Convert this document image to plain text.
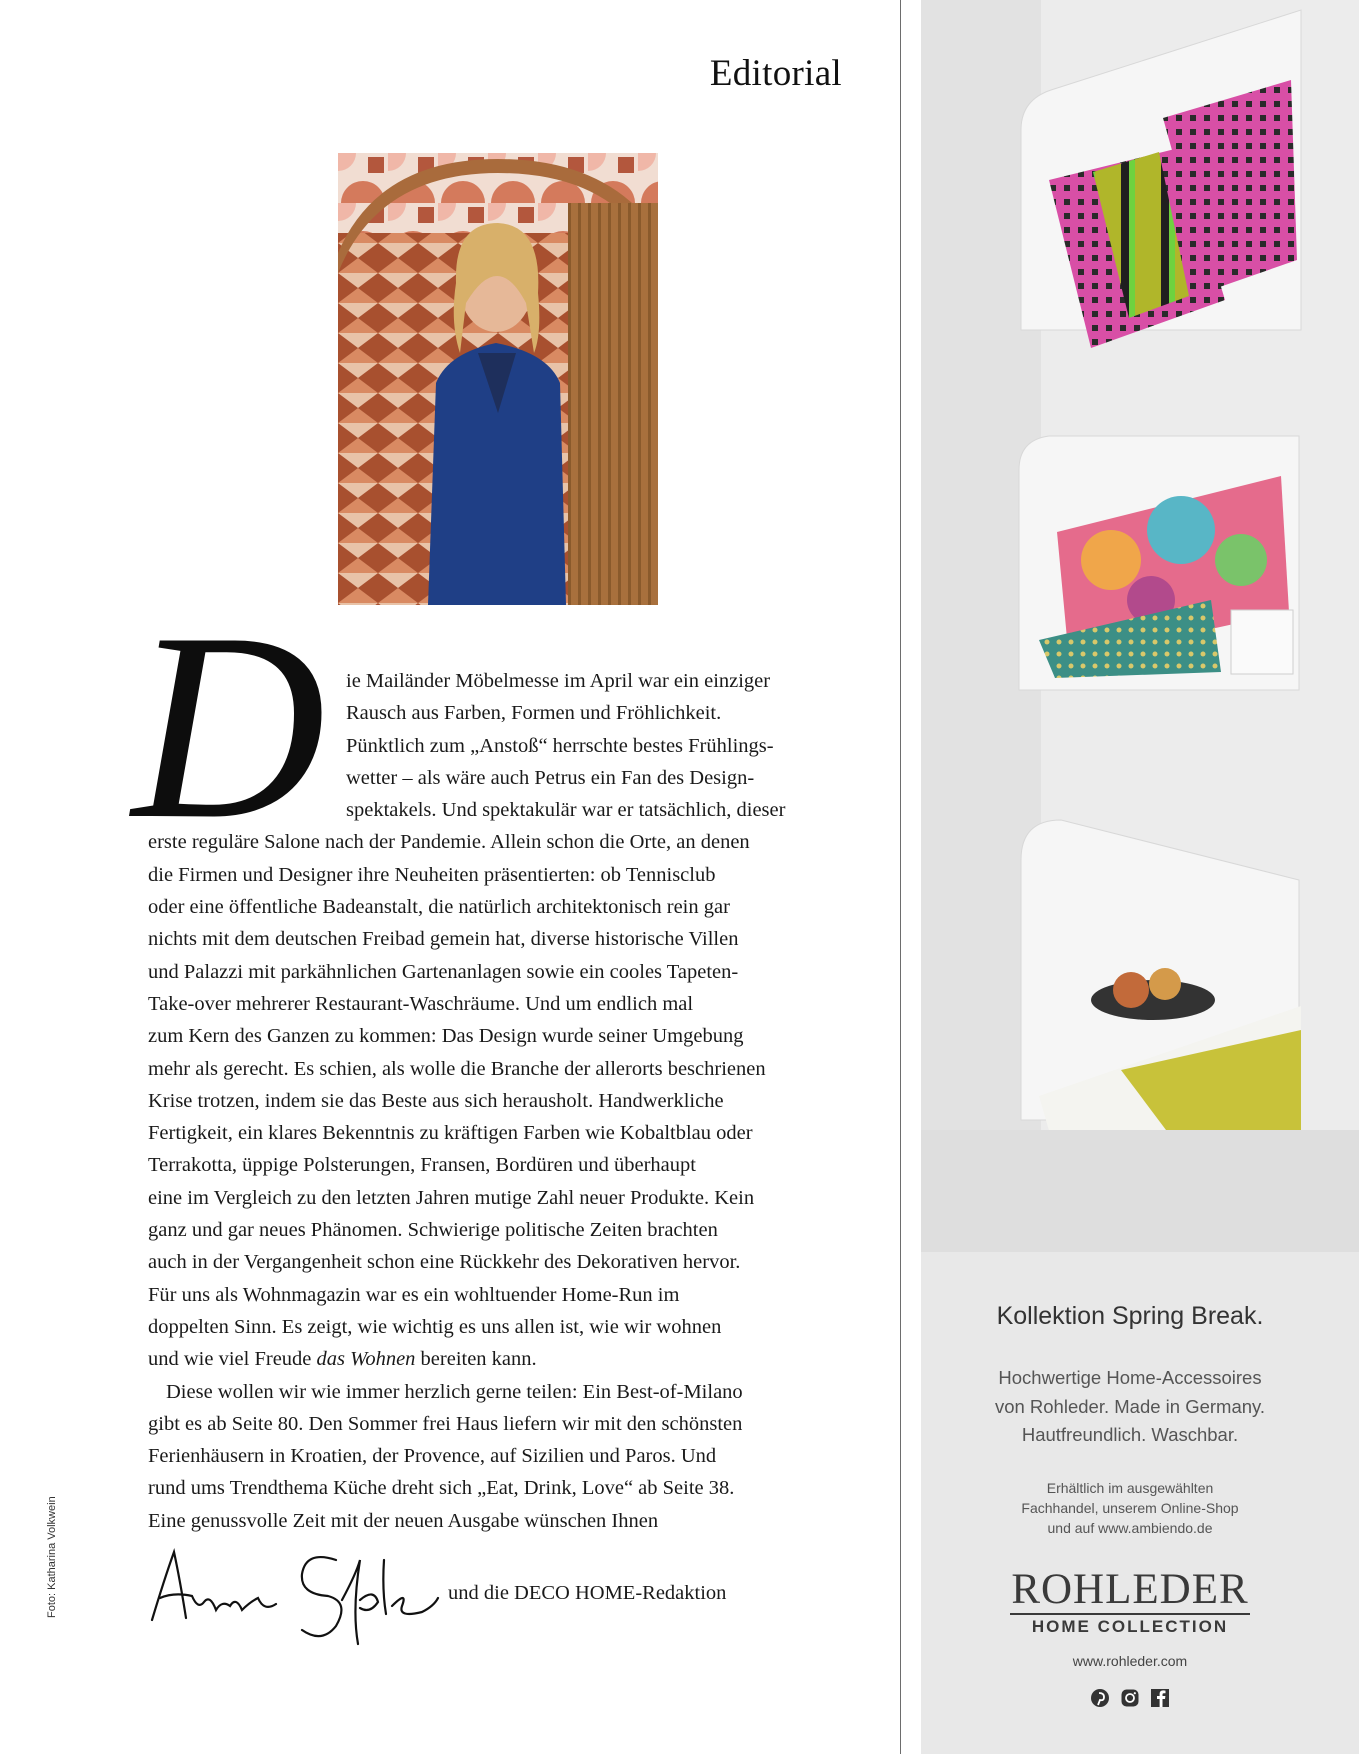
Editorial
D ie Mailänder Möbelmesse im April war ein einziger
Rausch aus Farben, Formen und Fröhlichkeit.
Pünktlich zum „Anstoß“ herrschte bestes Frühlings-
wetter – als wäre auch Petrus ein Fan des Design-
spektakels. Und spektakulär war er tatsächlich, dieser
erste reguläre Salone nach der Pandemie. Allein schon die Orte, an denen
die Firmen und Designer ihre Neuheiten präsentierten: ob Tennisclub
oder eine öffentliche Badeanstalt, die natürlich architektonisch rein gar
nichts mit dem deutschen Freibad gemein hat, diverse historische Villen
und Palazzi mit parkähnlichen Gartenanlagen sowie ein cooles Tapeten-
Take-over mehrerer Restaurant-Waschräume. Und um endlich mal
zum Kern des Ganzen zu kommen: Das Design wurde seiner Umgebung
mehr als gerecht. Es schien, als wolle die Branche der allerorts beschrienen
Krise trotzen, indem sie das Beste aus sich herausholt. Handwerkliche
Fertigkeit, ein klares Bekenntnis zu kräftigen Farben wie Kobaltblau oder
Terrakotta, üppige Polsterungen, Fransen, Bordüren und überhaupt
eine im Vergleich zu den letzten Jahren mutige Zahl neuer Produkte. Kein
ganz und gar neues Phänomen. Schwierige politische Zeiten brachten
auch in der Vergangenheit schon eine Rückkehr des Dekorativen hervor.
Für uns als Wohnmagazin war es ein wohltuender Home-Run im
doppelten Sinn. Es zeigt, wie wichtig es uns allen ist, wie wir wohnen
und wie viel Freude das Wohnen bereiten kann.
Diese wollen wir wie immer herzlich gerne teilen: Ein Best-of-Milano
gibt es ab Seite 80. Den Sommer frei Haus liefern wir mit den schönsten
Ferienhäusern in Kroatien, der Provence, auf Sizilien und Paros. Und
rund ums Trendthema Küche dreht sich „Eat, Drink, Love“ ab Seite 38.
Eine genussvolle Zeit mit der neuen Ausgabe wünschen Ihnen
und die DECO HOME-Redaktion
Foto: Katharina Volkwein
Kollektion Spring Break.
Hochwertige Home-Accessoires
von Rohleder. Made in Germany.
Hautfreundlich. Waschbar.
Erhältlich im ausgewählten
Fachhandel, unserem Online-Shop
und auf www.ambiendo.de
ROHLEDER
HOME COLLECTION
www.rohleder.com
